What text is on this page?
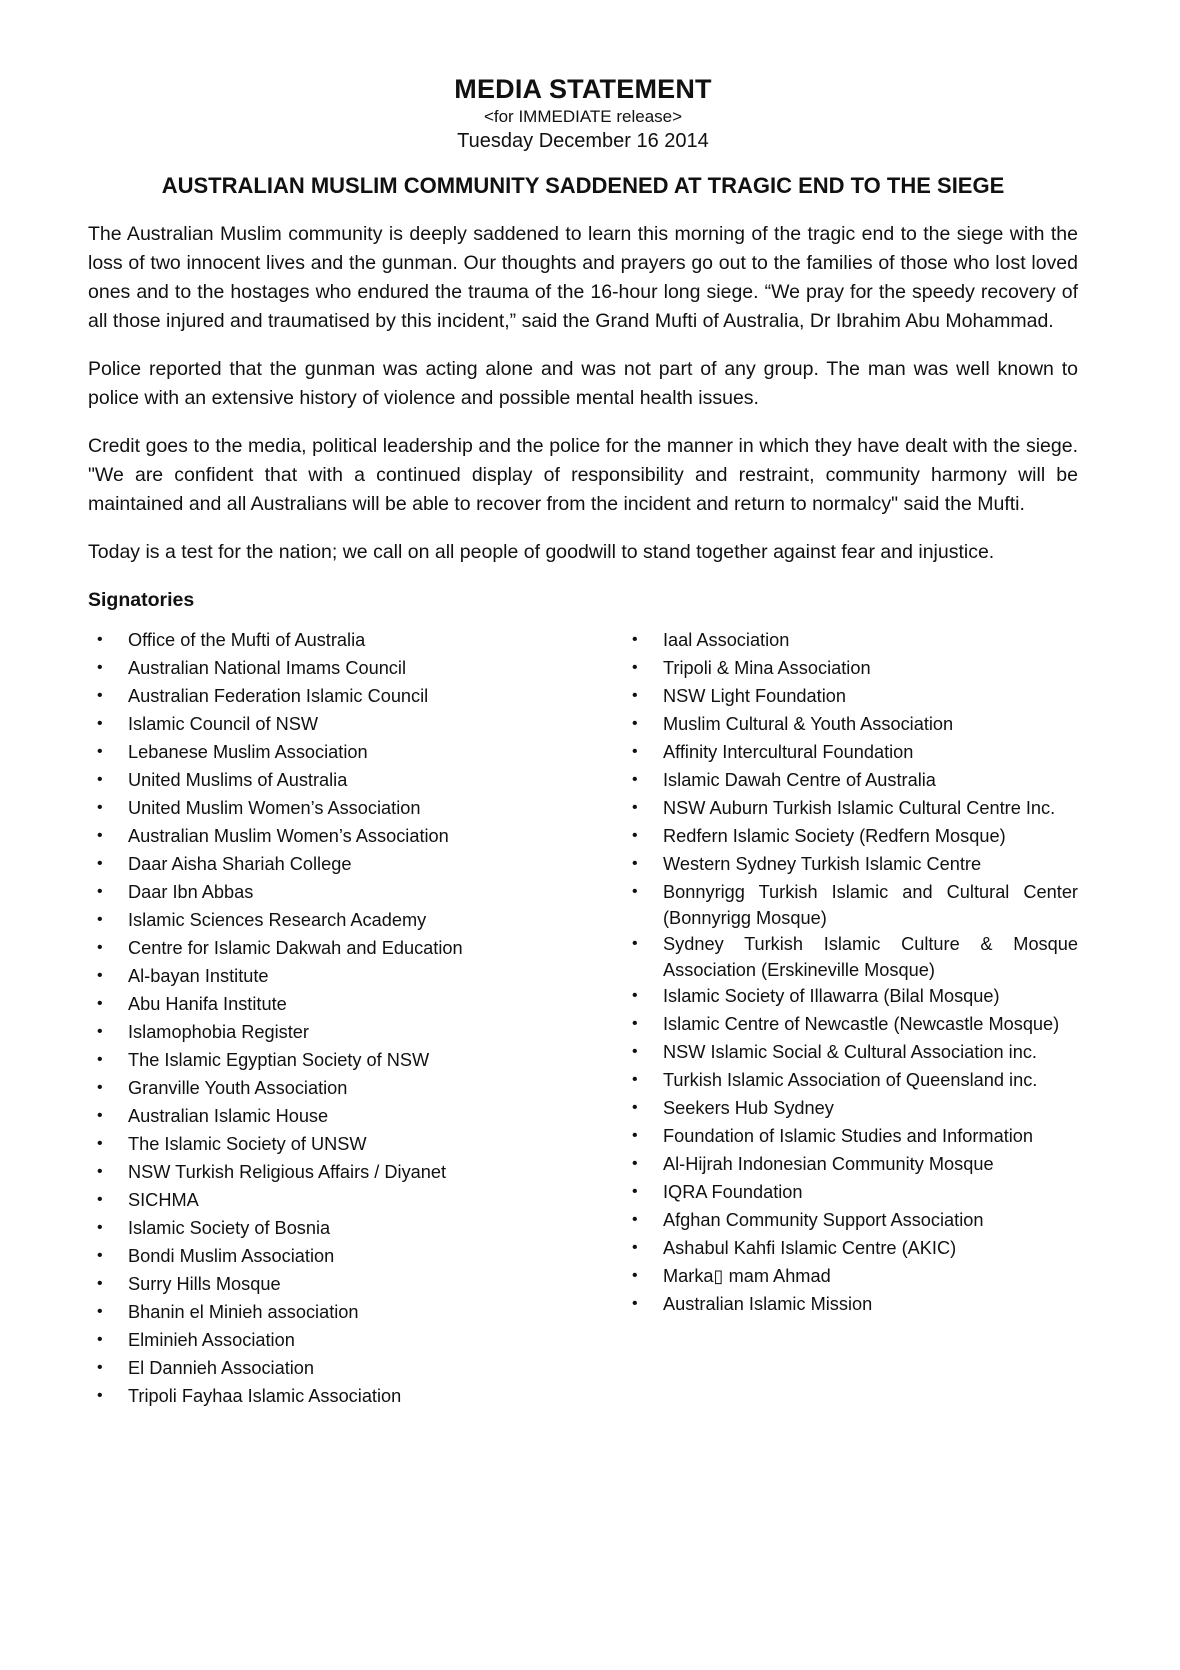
MEDIA STATEMENT

<for IMMEDIATE release>

Tuesday December 16 2014

AUSTRALIAN MUSLIM COMMUNITY SADDENED AT TRAGIC END TO THE SIEGE

The Australian Muslim community is deeply saddened to learn this morning of the tragic end to the siege with the loss of two innocent lives and the gunman. Our thoughts and prayers go out to the families of those who lost loved ones and to the hostages who endured the trauma of the 16-hour long siege. “We pray for the speedy recovery of all those injured and traumatised by this incident,” said the Grand Mufti of Australia, Dr Ibrahim Abu Mohammad.

Police reported that the gunman was acting alone and was not part of any group. The man was well known to police with an extensive history of violence and possible mental health issues.

Credit goes to the media, political leadership and the police for the manner in which they have dealt with the siege. "We are confident that with a continued display of responsibility and restraint, community harmony will be maintained and all Australians will be able to recover from the incident and return to normalcy" said the Mufti.

Today is a test for the nation; we call on all people of goodwill to stand together against fear and injustice.

Signatories
• Office of the Mufti of Australia
• Australian National Imams Council
• Australian Federation Islamic Council
• Islamic Council of NSW
• Lebanese Muslim Association
• United Muslims of Australia
• United Muslim Women’s Association
• Australian Muslim Women’s Association
• Daar Aisha Shariah College
• Daar Ibn Abbas
• Islamic Sciences Research Academy
• Centre for Islamic Dakwah and Education
• Al-bayan Institute
• Abu Hanifa Institute
• Islamophobia Register
• The Islamic Egyptian Society of NSW
• Granville Youth Association
• Australian Islamic House
• The Islamic Society of UNSW
• NSW Turkish Religious Affairs / Diyanet
• SICHMA
• Islamic Society of Bosnia
• Bondi Muslim Association
• Surry Hills Mosque
• Bhanin el Minieh association
• Elminieh Association
• El Dannieh Association
• Tripoli Fayhaa Islamic Association
• Iaal Association
• Tripoli & Mina Association
• NSW Light Foundation
• Muslim Cultural & Youth Association
• Affinity Intercultural Foundation
• Islamic Dawah Centre of Australia
• NSW Auburn Turkish Islamic Cultural Centre Inc.
• Redfern Islamic Society (Redfern Mosque)
• Western Sydney Turkish Islamic Centre
• Bonnyrigg Turkish Islamic and Cultural Center (Bonnyrigg Mosque)
• Sydney Turkish Islamic Culture & Mosque Association (Erskineville Mosque)
• Islamic Society of Illawarra (Bilal Mosque)
• Islamic Centre of Newcastle (Newcastle Mosque)
• NSW Islamic Social & Cultural Association inc.
• Turkish Islamic Association of Queensland inc.
• Seekers Hub Sydney
• Foundation of Islamic Studies and Information
• Al-Hijrah Indonesian Community Mosque
• IQRA Foundation
• Afghan Community Support Association
• Ashabul Kahfi Islamic Centre (AKIC)
• Marka▯ mam Ahmad
• Australian Islamic Mission
